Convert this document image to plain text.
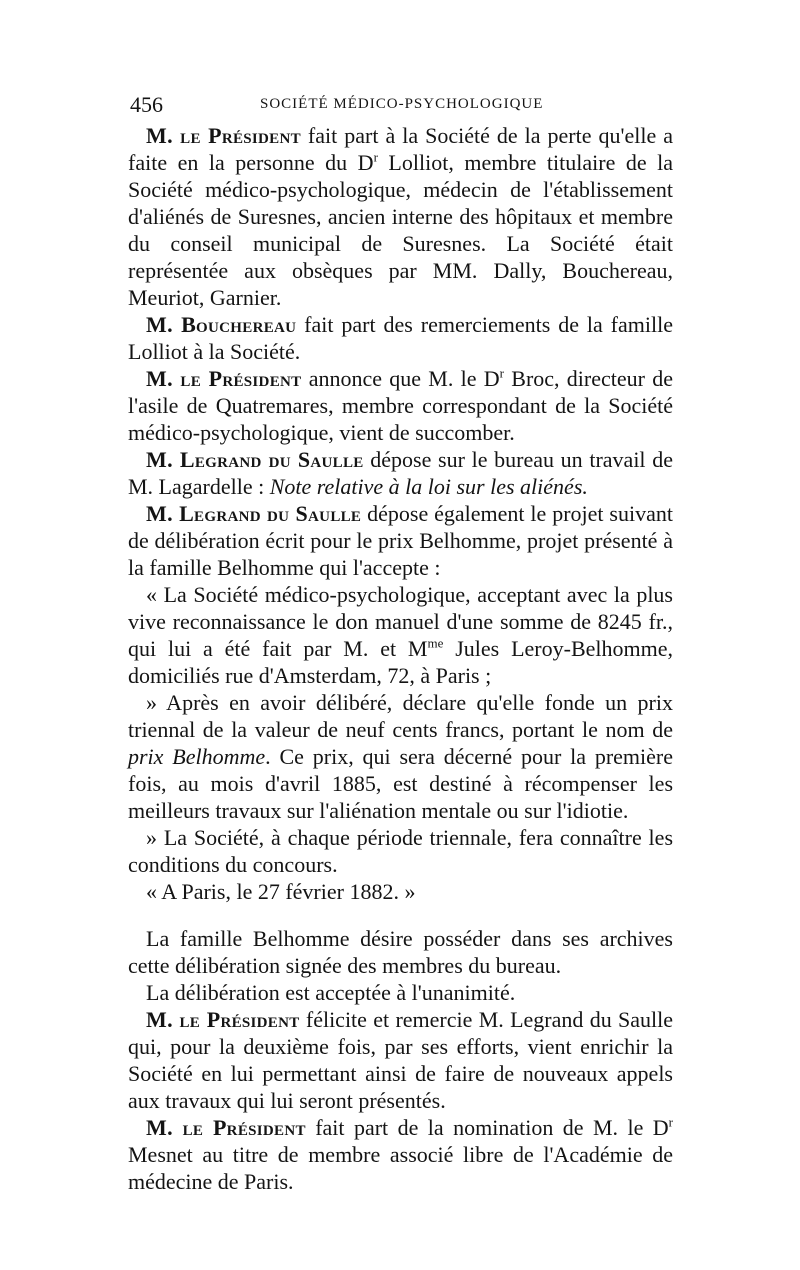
456	SOCIÉTÉ MÉDICO-PSYCHOLOGIQUE

M. le Président fait part à la Société de la perte qu'elle a faite en la personne du $D^r$ Lolliot, membre titulaire de la Société médico-psychologique, médecin de l'établissement d'aliénés de Suresnes, ancien interne des hôpitaux et membre du conseil municipal de Suresnes. La Société était représentée aux obsèques par MM. Dally, Bouchereau, Meuriot, Garnier.

M. Bouchereau fait part des remerciements de la famille Lolliot à la Société.

M. le Président annonce que M. le $D^r$ Broc, directeur de l'asile de Quatremares, membre correspondant de la Société médico-psychologique, vient de succomber.

M. Legrand du Saulle dépose sur le bureau un travail de M. Lagardelle : Note relative à la loi sur les aliénés.

M. Legrand du Saulle dépose également le projet suivant de délibération écrit pour le prix Belhomme, projet présenté à la famille Belhomme qui l'accepte :

« La Société médico-psychologique, acceptant avec la plus vive reconnaissance le don manuel d'une somme de 8245 fr., qui lui a été fait par M. et $M^{me}$ Jules Leroy-Belhomme, domiciliés rue d'Amsterdam, 72, à Paris ;

» Après en avoir délibéré, déclare qu'elle fonde un prix triennal de la valeur de neuf cents francs, portant le nom de prix Belhomme. Ce prix, qui sera décerné pour la première fois, au mois d'avril 1885, est destiné à récompenser les meilleurs travaux sur l'aliénation mentale ou sur l'idiotie.

» La Société, à chaque période triennale, fera connaître les conditions du concours.

« A Paris, le 27 février 1882. »

La famille Belhomme désire posséder dans ses archives cette délibération signée des membres du bureau.

La délibération est acceptée à l'unanimité.

M. le Président félicite et remercie M. Legrand du Saulle qui, pour la deuxième fois, par ses efforts, vient enrichir la Société en lui permettant ainsi de faire de nouveaux appels aux travaux qui lui seront présentés.

M. le Président fait part de la nomination de M. le $D^r$ Mesnet au titre de membre associé libre de l'Académie de médecine de Paris.
